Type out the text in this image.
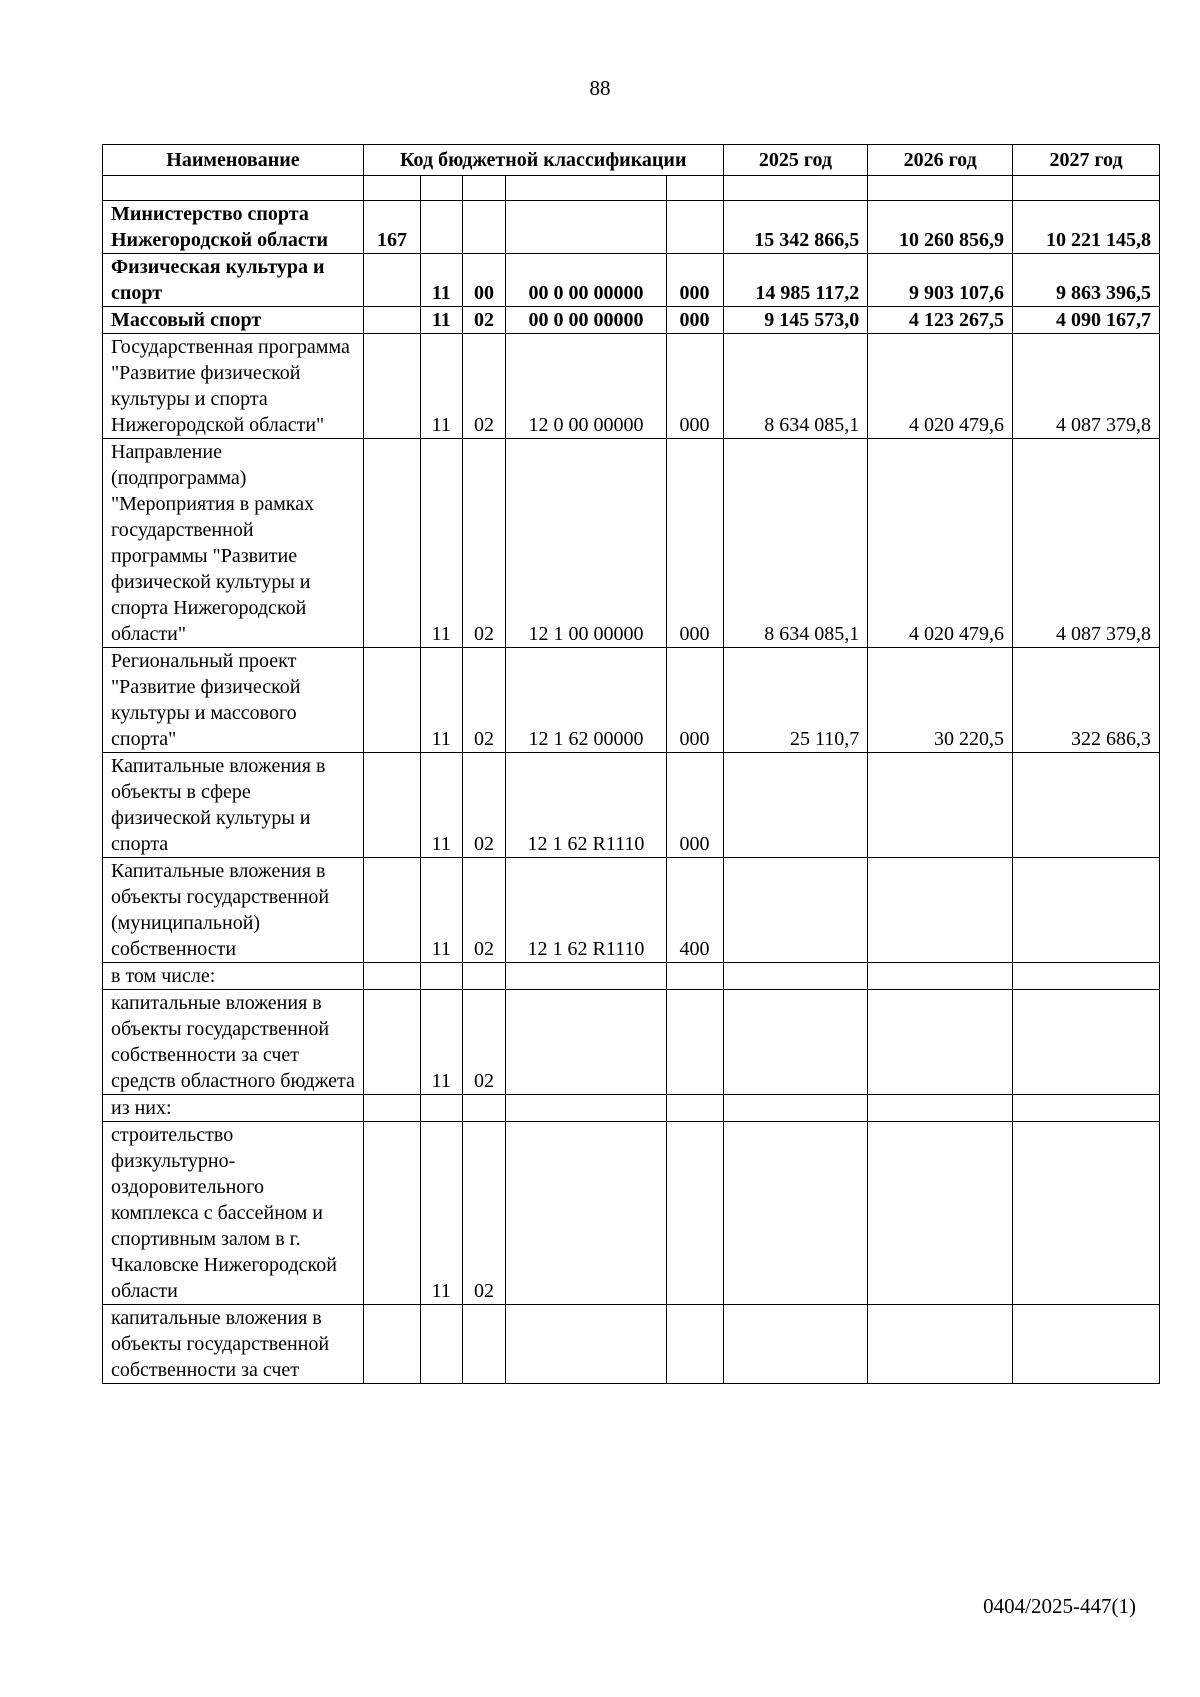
88
Наименование	Код бюджетной классификации					2025 год	2026 год	2027 год

Министерство спорта Нижегородской области	167					15 342 866,5	10 260 856,9	10 221 145,8
Физическая культура и спорт		11	00	00 0 00 00000	000	14 985 117,2	9 903 107,6	9 863 396,5
Массовый спорт		11	02	00 0 00 00000	000	9 145 573,0	4 123 267,5	4 090 167,7
Государственная программа "Развитие физической культуры и спорта Нижегородской области"		11	02	12 0 00 00000	000	8 634 085,1	4 020 479,6	4 087 379,8
Направление (подпрограмма) "Мероприятия в рамках государственной программы "Развитие физической культуры и спорта Нижегородской области"		11	02	12 1 00 00000	000	8 634 085,1	4 020 479,6	4 087 379,8
Региональный проект "Развитие физической культуры и массового спорта"		11	02	12 1 62 00000	000	25 110,7	30 220,5	322 686,3
Капитальные вложения в объекты в сфере физической культуры и спорта		11	02	12 1 62 R1110	000			
Капитальные вложения в объекты государственной (муниципальной) собственности		11	02	12 1 62 R1110	400			
в том числе:								
капитальные вложения в объекты государственной собственности за счет средств областного бюджета		11	02					
из них:								
строительство физкультурно-оздоровительного комплекса с бассейном и спортивным залом в г. Чкаловске Нижегородской области		11	02					
капитальные вложения в объекты государственной собственности за счет								
0404/2025-447(1)
